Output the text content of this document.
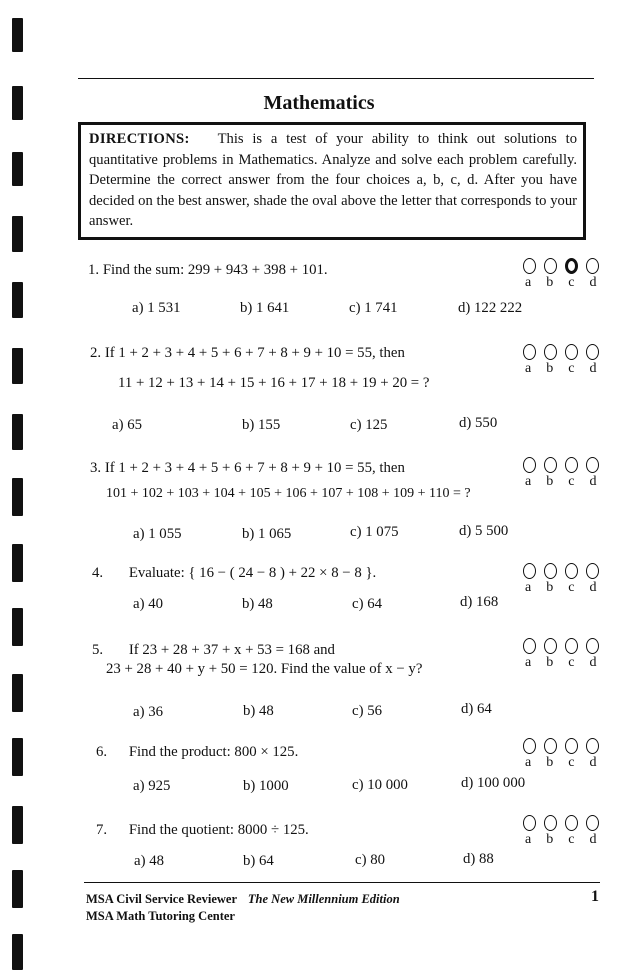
Mathematics
DIRECTIONS: This is a test of your ability to think out solutions to quantitative problems in Mathematics. Analyze and solve each problem carefully. Determine the correct answer from the four choices a, b, c, d. After you have decided on the best answer, shade the oval above the letter that corresponds to your answer.
1. Find the sum: 299 + 943 + 398 + 101.
a b c d
a) 1 531	b) 1 641	c) 1 741	d) 122 222
2. If 1 + 2 + 3 + 4 + 5 + 6 + 7 + 8 + 9 + 10 = 55, then
11 + 12 + 13 + 14 + 15 + 16 + 17 + 18 + 19 + 20 = ?
a b c d
a) 65	b) 155	c) 125	d) 550
3. If 1 + 2 + 3 + 4 + 5 + 6 + 7 + 8 + 9 + 10 = 55, then
101 + 102 + 103 + 104 + 105 + 106 + 107 + 108 + 109 + 110 = ?
a b c d
a) 1 055	b) 1 065	c) 1 075	d) 5 500
4. Evaluate: { 16 − ( 24 − 8 ) + 22 × 8 − 8 }.
a b c d
a) 40	b) 48	c) 64	d) 168
5. If 23 + 28 + 37 + x + 53 = 168 and
23 + 28 + 40 + y + 50 = 120. Find the value of x − y?	a b c d
a) 36	b) 48	c) 56	d) 64
6. Find the product: 800 × 125.
a b c d
a) 925	b) 1000	c) 10 000	d) 100 000
7. Find the quotient: 8000 ÷ 125.
a b c d
a) 48	b) 64	c) 80	d) 88
MSA Civil Service Reviewer The New Millennium Edition
MSA Math Tutoring Center
1
